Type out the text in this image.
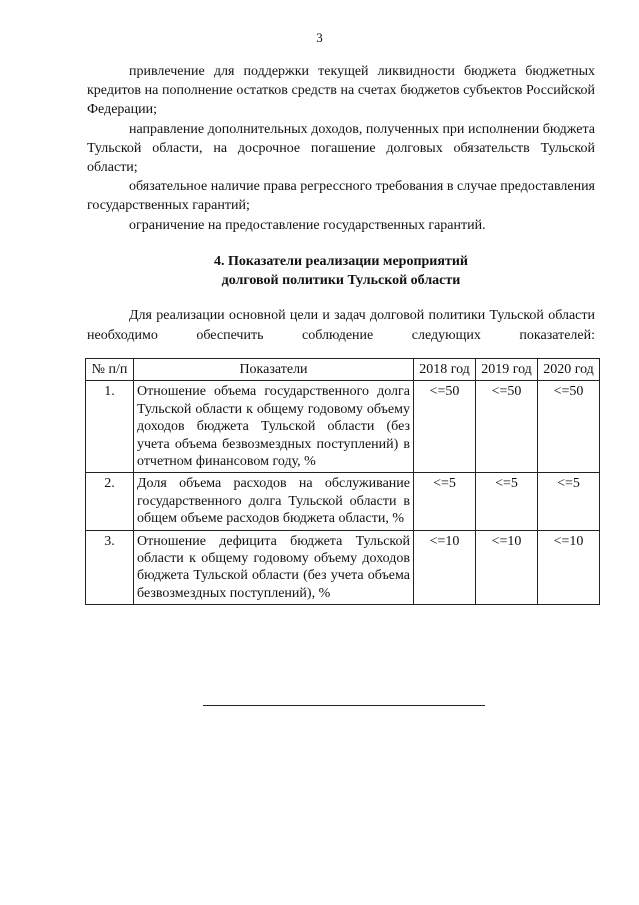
3

привлечение для поддержки текущей ликвидности бюджета бюджетных кредитов на пополнение остатков средств на счетах бюджетов субъектов Российской Федерации;

направление дополнительных доходов, полученных при исполнении бюджета Тульской области, на досрочное погашение долговых обязательств Тульской области;

обязательное наличие права регрессного требования в случае предоставления государственных гарантий;

ограничение на предоставление государственных гарантий.

4. Показатели реализации мероприятий
долговой политики Тульской области

Для реализации основной цели и задач долговой политики Тульской области необходимо обеспечить соблюдение следующих показателей:

№ п/п	Показатели	2018 год	2019 год	2020 год
1.	Отношение объема государственного долга Тульской области к общему годовому объему доходов бюджета Тульской области (без учета объема безвозмездных поступлений) в отчетном финансовом году, %	<=50	<=50	<=50
2.	Доля объема расходов на обслуживание государственного долга Тульской области в общем объеме расходов бюджета области, %	<=5	<=5	<=5
3.	Отношение дефицита бюджета Тульской области к общему годовому объему доходов бюджета Тульской области (без учета объема безвозмездных поступлений), %	<=10	<=10	<=10
